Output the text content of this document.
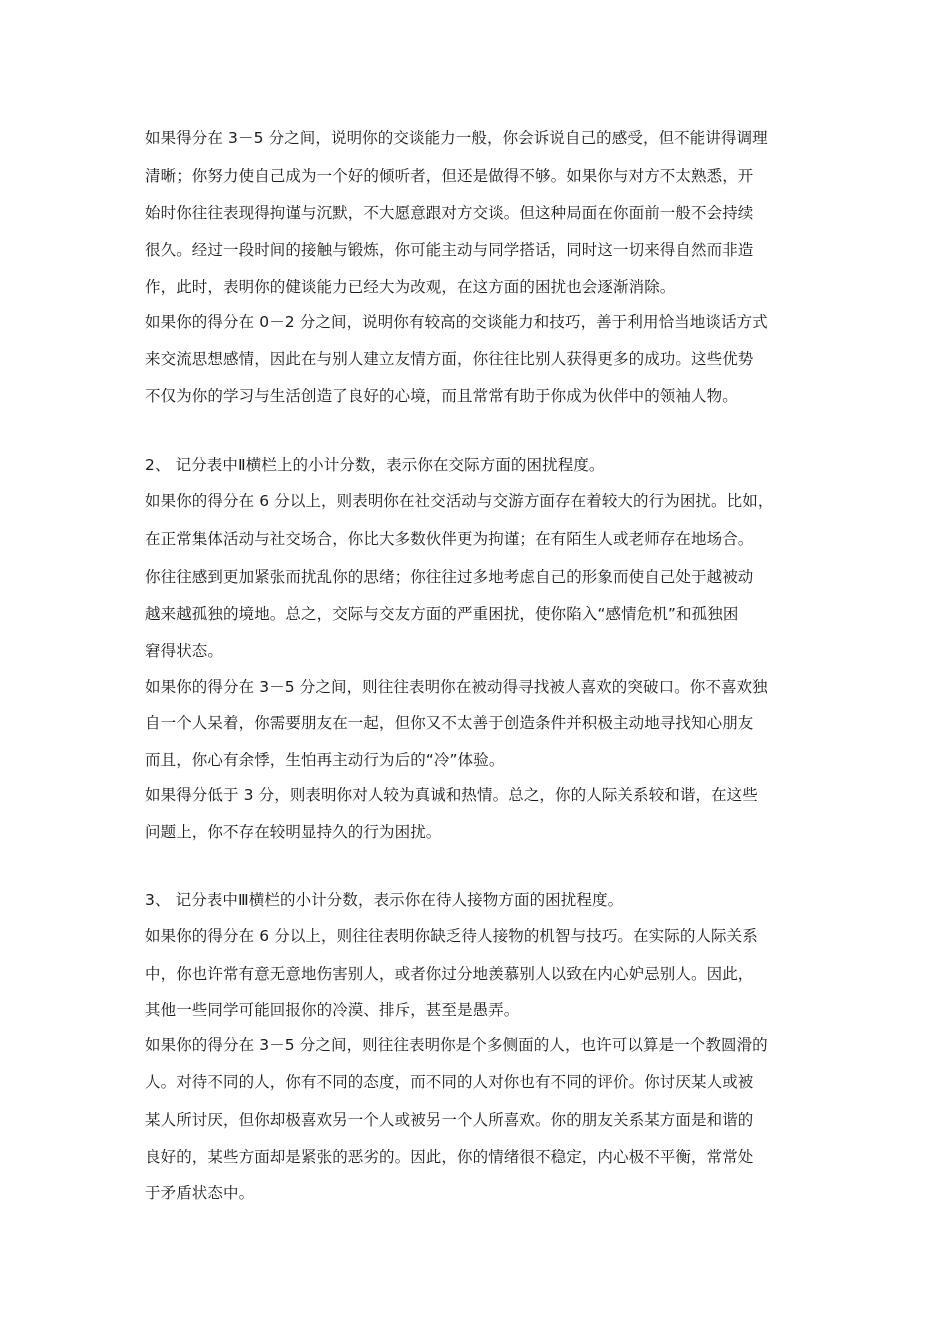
如果得分在 3－5 分之间，说明你的交谈能力一般，你会诉说自己的感受，但不能讲得调理
清晰；你努力使自己成为一个好的倾听者，但还是做得不够。如果你与对方不太熟悉，开
始时你往往表现得拘谨与沉默，不大愿意跟对方交谈。但这种局面在你面前一般不会持续
很久。经过一段时间的接触与锻炼，你可能主动与同学搭话，同时这一切来得自然而非造
作，此时，表明你的健谈能力已经大为改观，在这方面的困扰也会逐渐消除。
如果你的得分在 0－2 分之间，说明你有较高的交谈能力和技巧，善于利用恰当地谈话方式
来交流思想感情，因此在与别人建立友情方面，你往往比别人获得更多的成功。这些优势
不仅为你的学习与生活创造了良好的心境，而且常常有助于你成为伙伴中的领袖人物。
2、 记分表中Ⅱ横栏上的小计分数，表示你在交际方面的困扰程度。
如果你的得分在 6 分以上，则表明你在社交活动与交游方面存在着较大的行为困扰。比如，
在正常集体活动与社交场合，你比大多数伙伴更为拘谨；在有陌生人或老师存在地场合。
你往往感到更加紧张而扰乱你的思绪；你往往过多地考虑自己的形象而使自己处于越被动
越来越孤独的境地。总之，交际与交友方面的严重困扰，使你陷入“感情危机”和孤独困
窘得状态。
如果你的得分在 3－5 分之间，则往往表明你在被动得寻找被人喜欢的突破口。你不喜欢独
自一个人呆着，你需要朋友在一起，但你又不太善于创造条件并积极主动地寻找知心朋友
而且，你心有余悸，生怕再主动行为后的“冷”体验。
如果得分低于 3 分，则表明你对人较为真诚和热情。总之，你的人际关系较和谐，在这些
问题上，你不存在较明显持久的行为困扰。
3、 记分表中Ⅲ横栏的小计分数，表示你在待人接物方面的困扰程度。
如果你的得分在 6 分以上，则往往表明你缺乏待人接物的机智与技巧。在实际的人际关系
中，你也许常有意无意地伤害别人，或者你过分地羡慕别人以致在内心妒忌别人。因此，
其他一些同学可能回报你的冷漠、排斥，甚至是愚弄。
如果你的得分在 3－5 分之间，则往往表明你是个多侧面的人，也许可以算是一个教圆滑的
人。对待不同的人，你有不同的态度，而不同的人对你也有不同的评价。你讨厌某人或被
某人所讨厌，但你却极喜欢另一个人或被另一个人所喜欢。你的朋友关系某方面是和谐的
良好的，某些方面却是紧张的恶劣的。因此，你的情绪很不稳定，内心极不平衡，常常处
于矛盾状态中。
